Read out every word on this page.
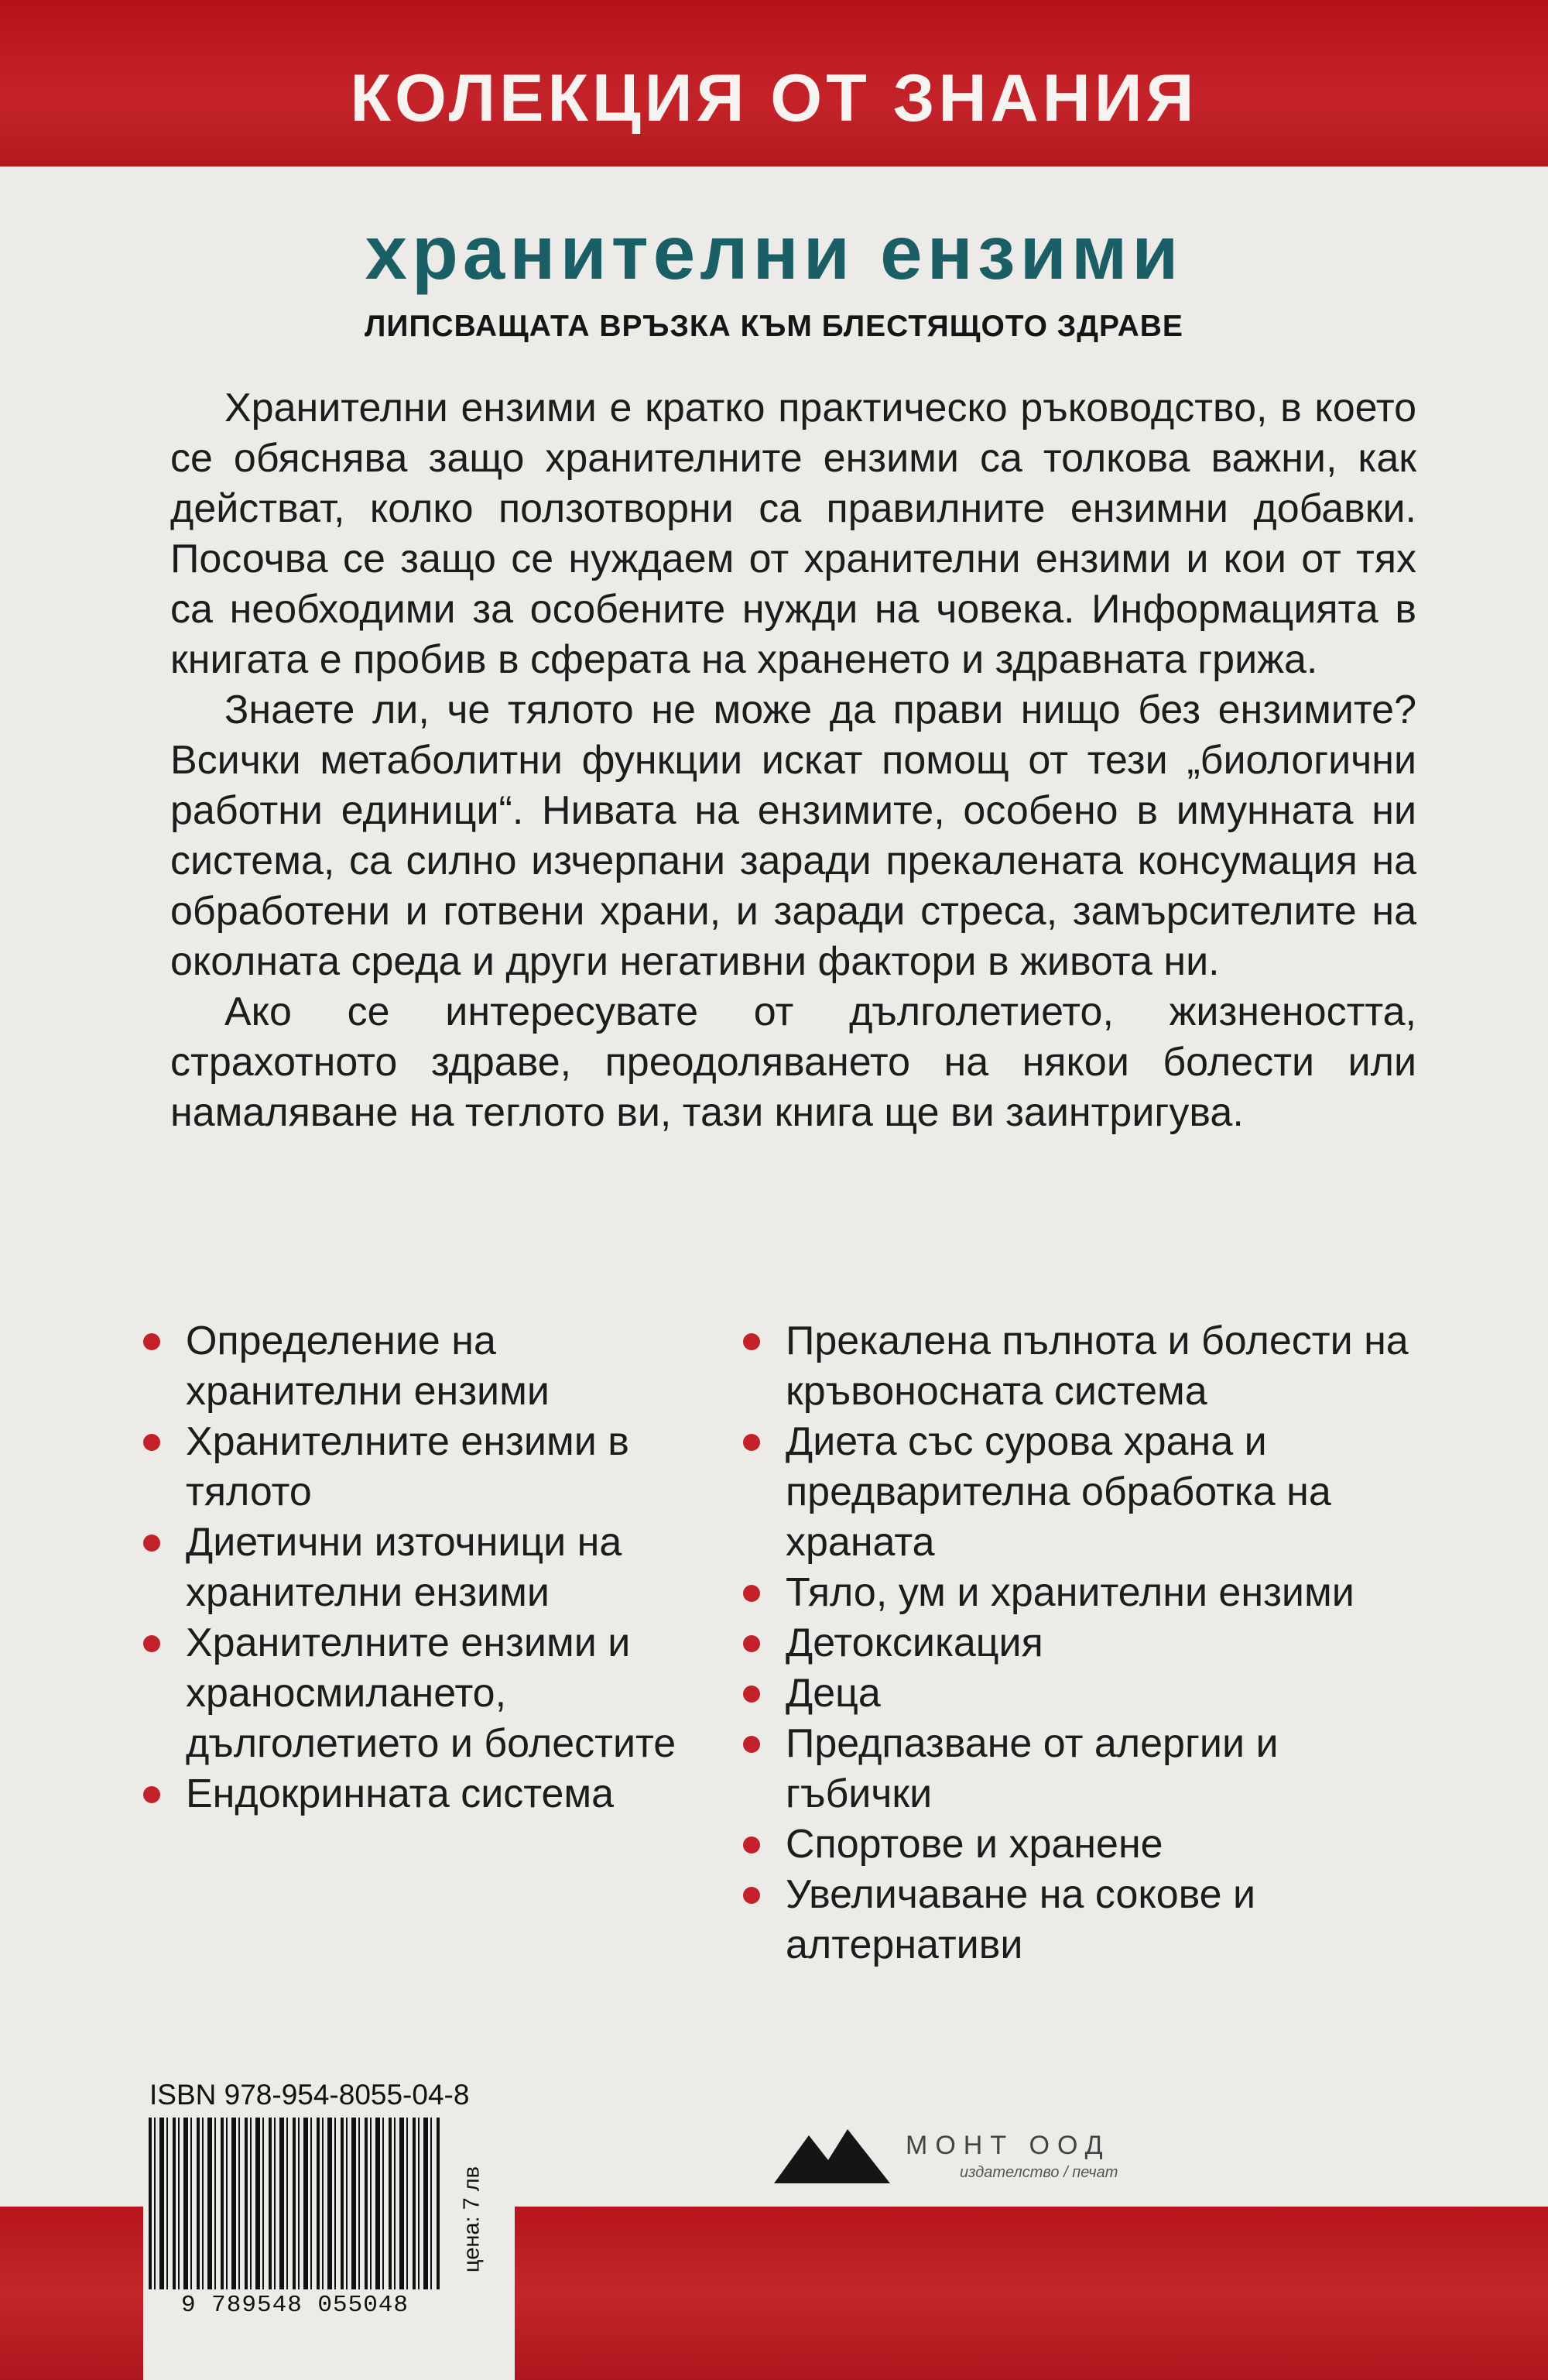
КОЛЕКЦИЯ ОТ ЗНАНИЯ
хранителни ензими
ЛИПСВАЩАТА ВРЪЗКА КЪМ БЛЕСТЯЩОТО ЗДРАВЕ

Хранителни ензими е кратко практическо ръководство, в което се обяснява защо хранителните ензими са толкова важни, как действат, колко ползотворни са правилните ензимни добавки. Посочва се защо се нуждаем от хранителни ензими и кои от тях са необходими за особените нужди на човека. Информацията в книгата е пробив в сферата на храненето и здравната грижа.

Знаете ли, че тялото не може да прави нищо без ензимите? Всички метаболитни функции искат помощ от тези „биологични работни единици“. Нивата на ензимите, особено в имунната ни система, са силно изчерпани заради прекалената консумация на обработени и готвени храни, и заради стреса, замърсителите на околната среда и други негативни фактори в живота ни.

Ако се интересувате от дълголетието, жизнеността, страхотното здраве, преодоляването на някои болести или намаляване на теглото ви, тази книга ще ви заинтригува.

Определение на хранителни ензими
Хранителните ензими в тялото
Диетични източници на хранителни ензими
Хранителните ензими и храносмилането, дълголетието и болестите
Ендокринната система
Прекалена пълнота и болести на кръвоносната система
Диета със сурова храна и предварителна обработка на храната
Тяло, ум и хранителни ензими
Детоксикация
Деца
Предпазване от алергии и гъбички
Спортове и хранене
Увеличаване на сокове и алтернативи
ISBN 978-954-8055-04-8
9 789548 055048
цена: 7 лв
МОНТ ООД
издателство / печат
